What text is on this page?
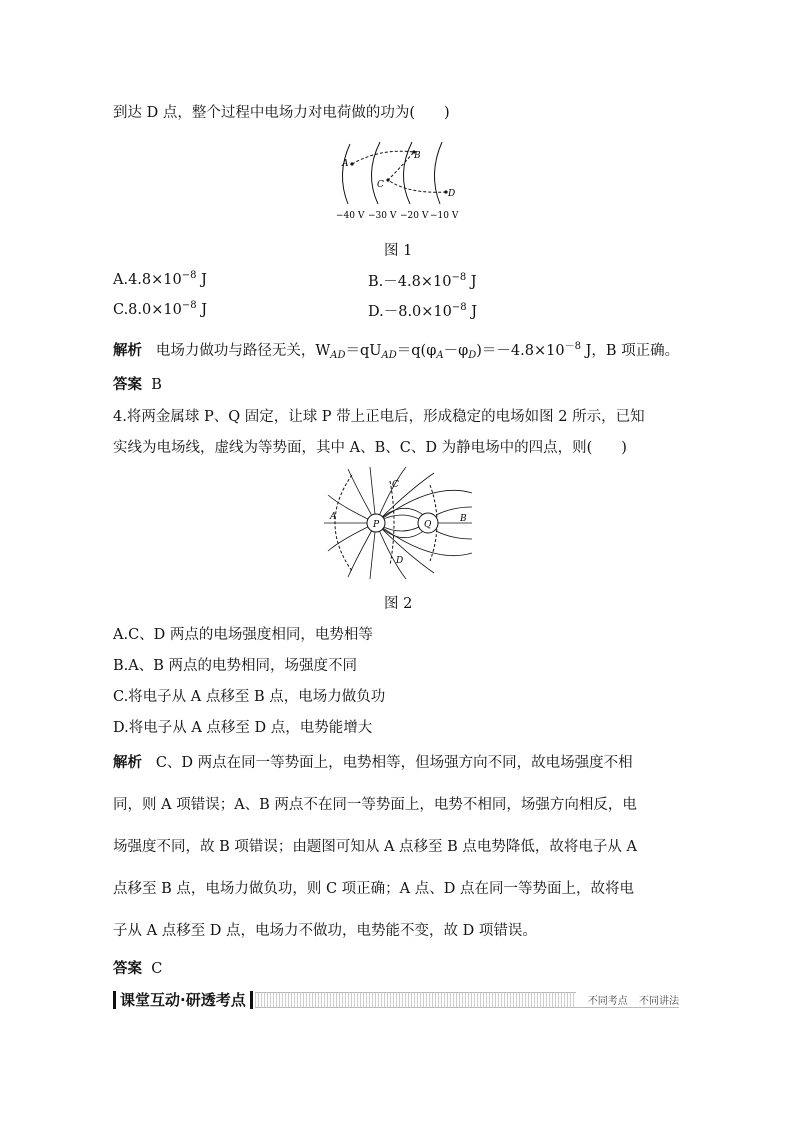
到达 D 点，整个过程中电场力对电荷做的功为(　　)
A
B
C
D
−40 V −30 V −20 V −10 V
图 1
$A.4.8\times 10^{-8}$ J	$B.-4.8\times 10^{-8}$ J
$C.8.0\times 10^{-8}$ J	$D.-8.0\times 10^{-8}$ J
解析 电场力做功与路径无关，$W_{AD}=qU_{AD}=q(\varphi_A-\varphi_D)=-4.8\times 10^{-8}$ J，B 项正确。
答案 B
4.将两金属球 P、Q 固定，让球 P 带上正电后，形成稳定的电场如图 2 所示，已知
实线为电场线，虚线为等势面，其中 A、B、C、D 为静电场中的四点，则(　　)
P	Q
A	B
C
D
图 2
A.C、D 两点的电场强度相同，电势相等
B.A、B 两点的电势相同，场强度不同
C.将电子从 A 点移至 B 点，电场力做负功
D.将电子从 A 点移至 D 点，电势能增大
解析 C、D 两点在同一等势面上，电势相等，但场强方向不同，故电场强度不相
同，则 A 项错误；A、B 两点不在同一等势面上，电势不相同，场强方向相反，电
场强度不同，故 B 项错误；由题图可知从 A 点移至 B 点电势降低，故将电子从 A
点移至 B 点，电场力做负功，则 C 项正确；A 点、D 点在同一等势面上，故将电
子从 A 点移至 D 点，电场力不做功，电势能不变，故 D 项错误。
答案 C
课堂互动·研透考点	不同考点 不同讲法
